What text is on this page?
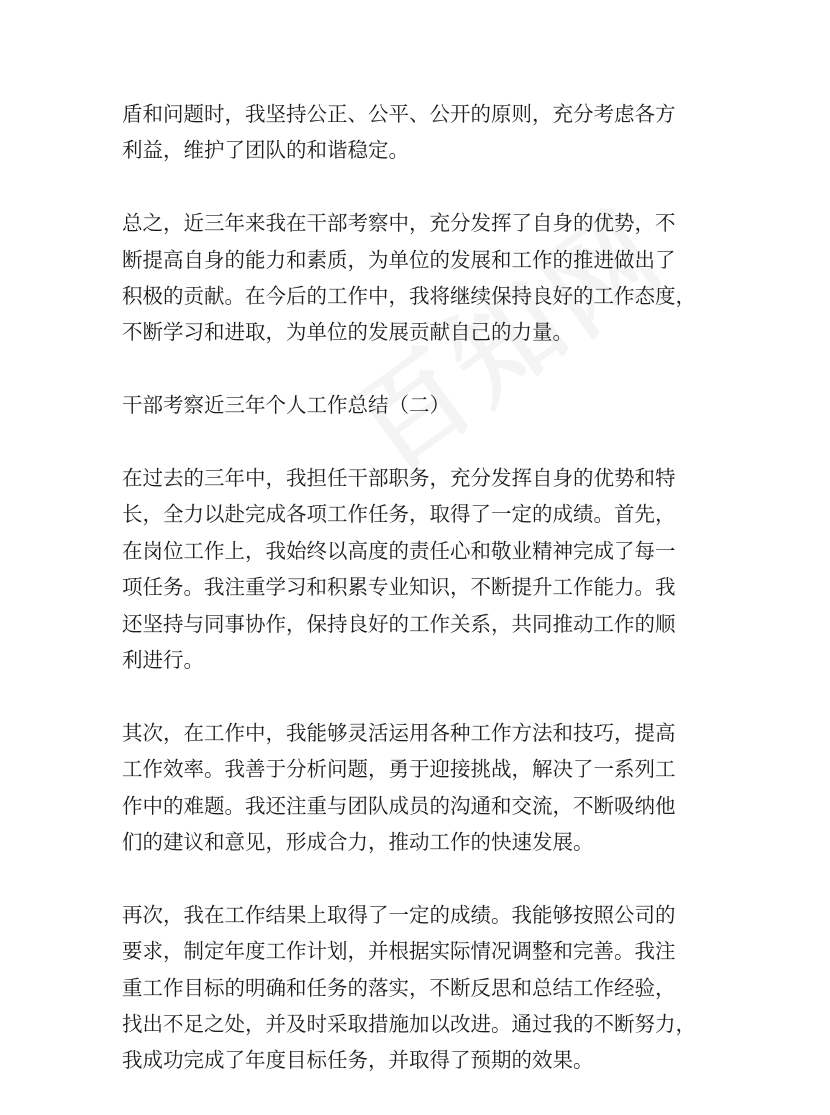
盾和问题时，我坚持公正、公平、公开的原则，充分考虑各方
利益，维护了团队的和谐稳定。

总之，近三年来我在干部考察中，充分发挥了自身的优势，不
断提高自身的能力和素质，为单位的发展和工作的推进做出了
积极的贡献。在今后的工作中，我将继续保持良好的工作态度，
不断学习和进取，为单位的发展贡献自己的力量。

干部考察近三年个人工作总结（二）

在过去的三年中，我担任干部职务，充分发挥自身的优势和特
长，全力以赴完成各项工作任务，取得了一定的成绩。首先，
在岗位工作上，我始终以高度的责任心和敬业精神完成了每一
项任务。我注重学习和积累专业知识，不断提升工作能力。我
还坚持与同事协作，保持良好的工作关系，共同推动工作的顺
利进行。

其次，在工作中，我能够灵活运用各种工作方法和技巧，提高
工作效率。我善于分析问题，勇于迎接挑战，解决了一系列工
作中的难题。我还注重与团队成员的沟通和交流，不断吸纳他
们的建议和意见，形成合力，推动工作的快速发展。

再次，我在工作结果上取得了一定的成绩。我能够按照公司的
要求，制定年度工作计划，并根据实际情况调整和完善。我注
重工作目标的明确和任务的落实，不断反思和总结工作经验，
找出不足之处，并及时采取措施加以改进。通过我的不断努力，
我成功完成了年度目标任务，并取得了预期的效果。
